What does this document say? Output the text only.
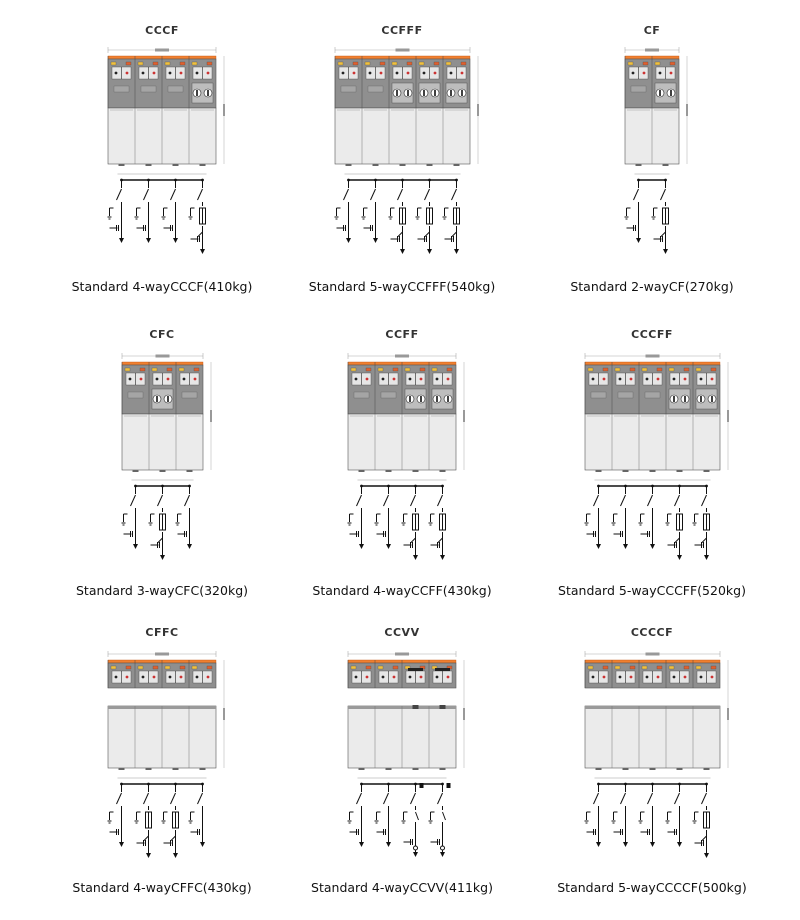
CCCF
Standard 4-wayCCCF(410kg)
CCFFF
Standard 5-wayCCFFF(540kg)
CF
Standard 2-wayCF(270kg)
CFC
Standard 3-wayCFC(320kg)
CCFF
Standard 4-wayCCFF(430kg)
CCCFF
Standard 5-wayCCCFF(520kg)
CFFC
Standard 4-wayCFFC(430kg)
CCVV
Standard 4-wayCCVV(411kg)
CCCCF
Standard 5-wayCCCCF(500kg)
